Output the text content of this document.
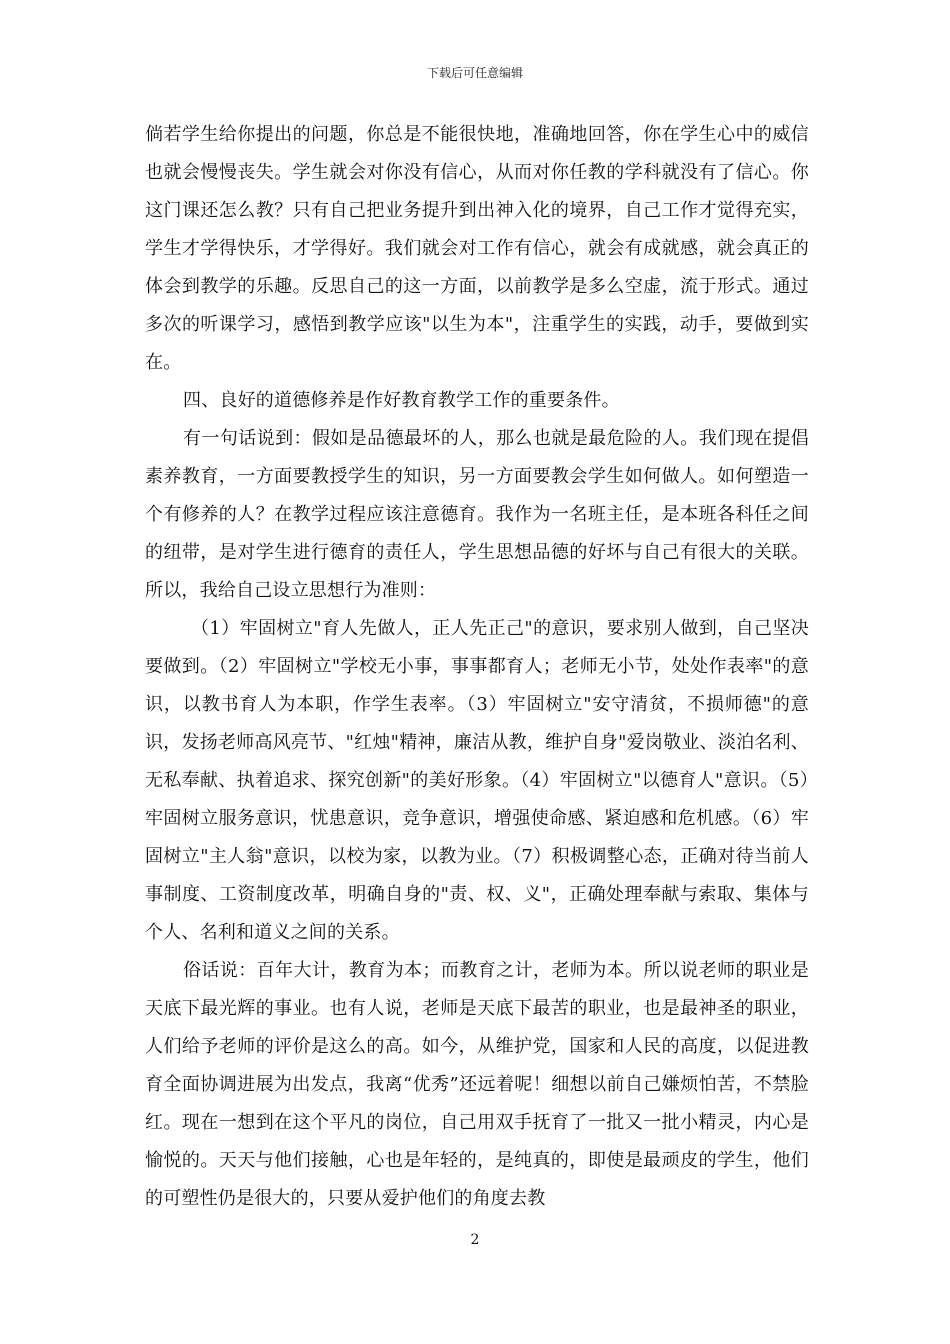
下载后可任意编辑

倘若学生给你提出的问题，你总是不能很快地，准确地回答，你在学生心中的威信也就会慢慢丧失。学生就会对你没有信心，从而对你任教的学科就没有了信心。你这门课还怎么教？只有自己把业务提升到出神入化的境界，自己工作才觉得充实，学生才学得快乐，才学得好。我们就会对工作有信心，就会有成就感，就会真正的体会到教学的乐趣。反思自己的这一方面，以前教学是多么空虚，流于形式。通过多次的听课学习，感悟到教学应该"以生为本"，注重学生的实践，动手，要做到实在。

四、良好的道德修养是作好教育教学工作的重要条件。

有一句话说到：假如是品德最坏的人，那么也就是最危险的人。我们现在提倡素养教育，一方面要教授学生的知识，另一方面要教会学生如何做人。如何塑造一个有修养的人？在教学过程应该注意德育。我作为一名班主任，是本班各科任之间的纽带，是对学生进行德育的责任人，学生思想品德的好坏与自己有很大的关联。所以，我给自己设立思想行为准则：

（1）牢固树立"育人先做人，正人先正己"的意识，要求别人做到，自己坚决要做到。（2）牢固树立"学校无小事，事事都育人；老师无小节，处处作表率"的意识，以教书育人为本职，作学生表率。（3）牢固树立"安守清贫，不损师德"的意识，发扬老师高风亮节、"红烛"精神，廉洁从教，维护自身"爱岗敬业、淡泊名利、无私奉献、执着追求、探究创新"的美好形象。（4）牢固树立"以德育人"意识。（5）牢固树立服务意识，忧患意识，竞争意识，增强使命感、紧迫感和危机感。（6）牢固树立"主人翁"意识，以校为家，以教为业。（7）积极调整心态，正确对待当前人事制度、工资制度改革，明确自身的"责、权、义"，正确处理奉献与索取、集体与个人、名利和道义之间的关系。

俗话说：百年大计，教育为本；而教育之计，老师为本。所以说老师的职业是天底下最光辉的事业。也有人说，老师是天底下最苦的职业，也是最神圣的职业，人们给予老师的评价是这么的高。如今，从维护党，国家和人民的高度，以促进教育全面协调进展为出发点，我离“优秀”还远着呢！细想以前自己嫌烦怕苦，不禁脸红。现在一想到在这个平凡的岗位，自己用双手抚育了一批又一批小精灵，内心是愉悦的。天天与他们接触，心也是年轻的，是纯真的，即使是最顽皮的学生，他们的可塑性仍是很大的，只要从爱护他们的角度去教

2
